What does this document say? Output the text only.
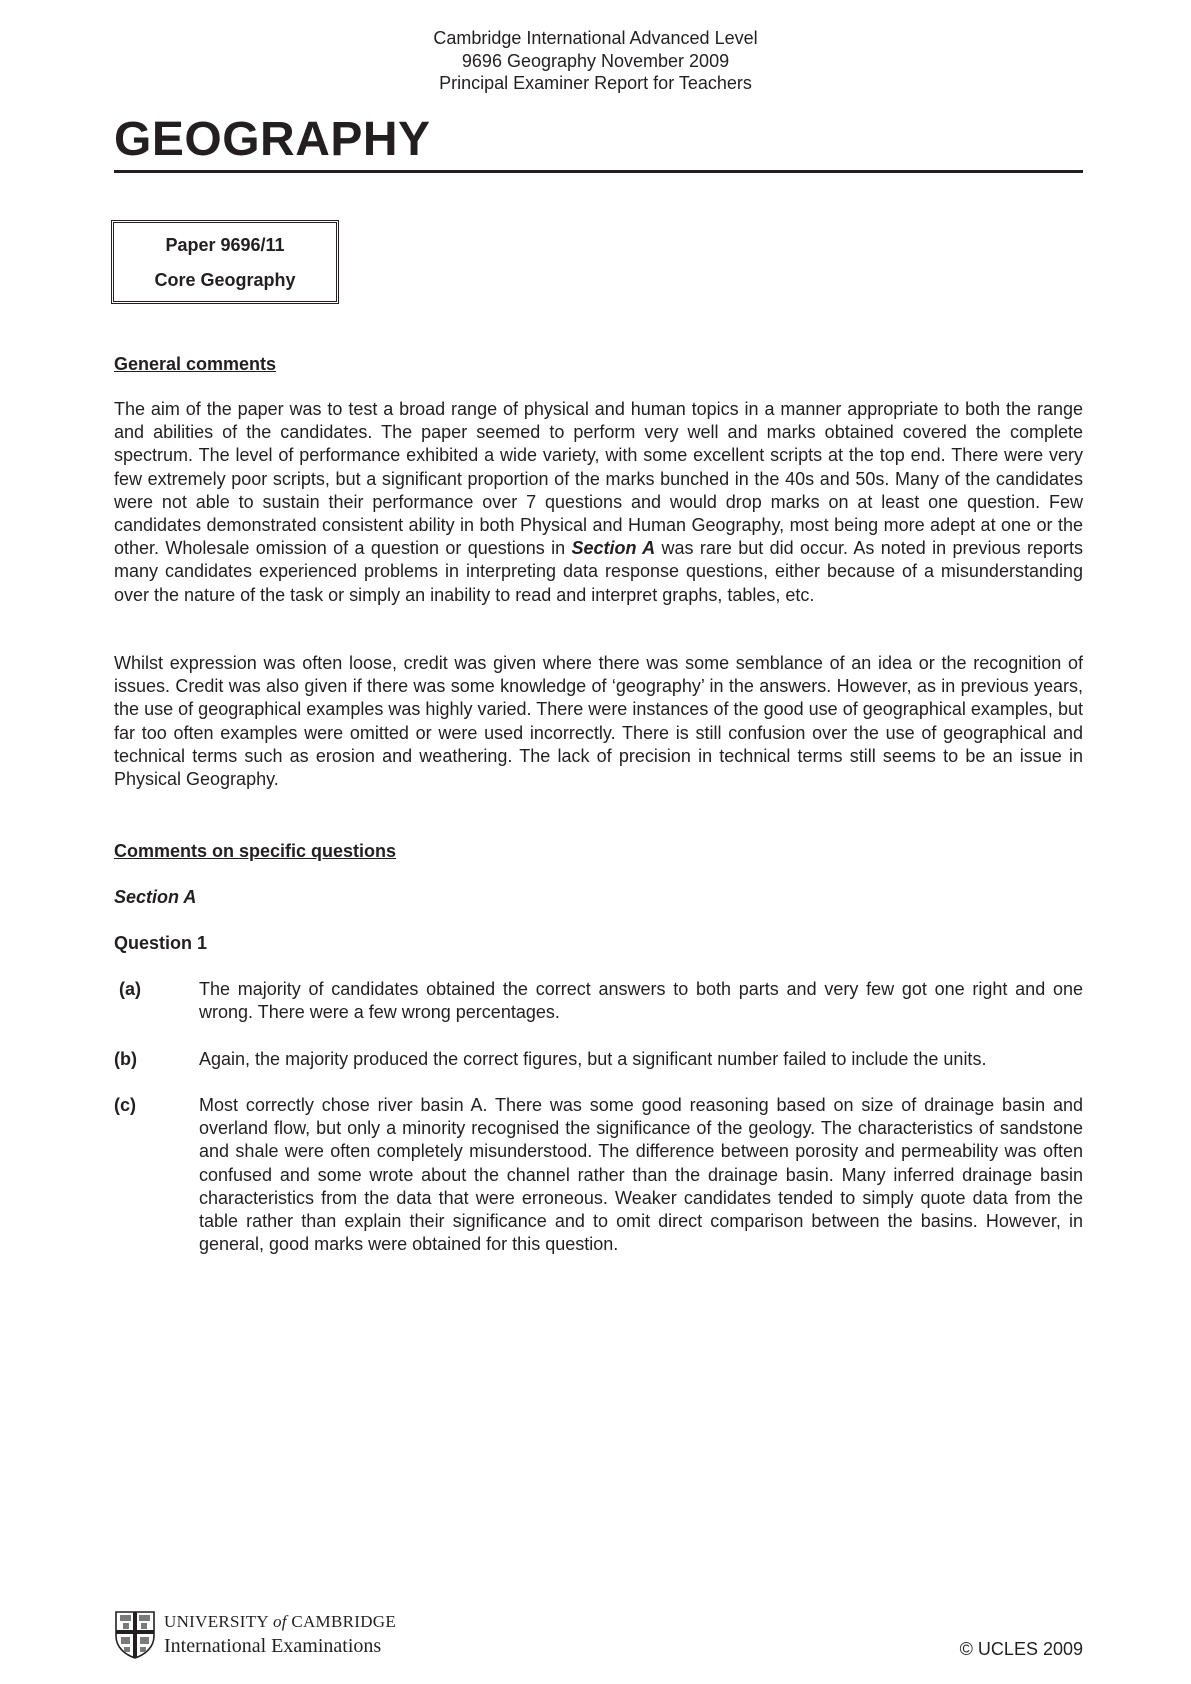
Cambridge International Advanced Level
9696 Geography November 2009
Principal Examiner Report for Teachers
GEOGRAPHY
Paper 9696/11
Core Geography
General comments

The aim of the paper was to test a broad range of physical and human topics in a manner appropriate to both the range and abilities of the candidates. The paper seemed to perform very well and marks obtained covered the complete spectrum. The level of performance exhibited a wide variety, with some excellent scripts at the top end. There were very few extremely poor scripts, but a significant proportion of the marks bunched in the 40s and 50s. Many of the candidates were not able to sustain their performance over 7 questions and would drop marks on at least one question. Few candidates demonstrated consistent ability in both Physical and Human Geography, most being more adept at one or the other. Wholesale omission of a question or questions in Section A was rare but did occur. As noted in previous reports many candidates experienced problems in interpreting data response questions, either because of a misunderstanding over the nature of the task or simply an inability to read and interpret graphs, tables, etc.

Whilst expression was often loose, credit was given where there was some semblance of an idea or the recognition of issues. Credit was also given if there was some knowledge of ‘geography’ in the answers. However, as in previous years, the use of geographical examples was highly varied. There were instances of the good use of geographical examples, but far too often examples were omitted or were used incorrectly. There is still confusion over the use of geographical and technical terms such as erosion and weathering. The lack of precision in technical terms still seems to be an issue in Physical Geography.

Comments on specific questions
Section A
Question 1
(a)	The majority of candidates obtained the correct answers to both parts and very few got one right and one wrong. There were a few wrong percentages.

(b)	Again, the majority produced the correct figures, but a significant number failed to include the units.

(c)	Most correctly chose river basin A. There was some good reasoning based on size of drainage basin and overland flow, but only a minority recognised the significance of the geology. The characteristics of sandstone and shale were often completely misunderstood. The difference between porosity and permeability was often confused and some wrote about the channel rather than the drainage basin. Many inferred drainage basin characteristics from the data that were erroneous. Weaker candidates tended to simply quote data from the table rather than explain their significance and to omit direct comparison between the basins. However, in general, good marks were obtained for this question.

UNIVERSITY of CAMBRIDGE
International Examinations	© UCLES 2009
